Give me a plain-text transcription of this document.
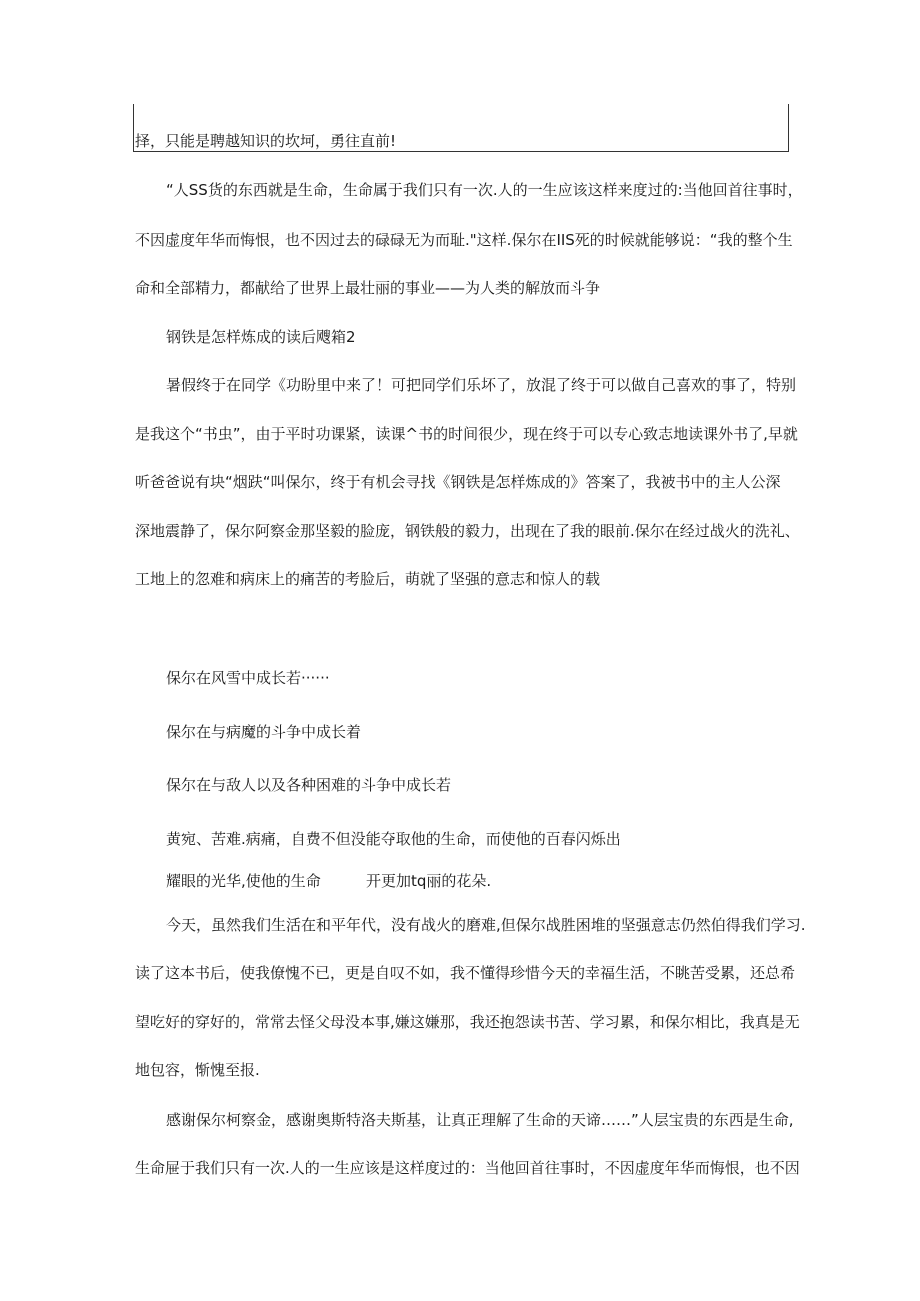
择，只能是聘越知识的坎坷，勇往直前!
“人SS货的东西就是生命，生命属于我们只有一次.人的一生应该这样来度过的:当他回首往事时，
不因虚度年华而悔恨，也不因过去的碌碌无为而耻."这样.保尔在IIS死的时候就能够说：“我的整个生
命和全部精力，都献给了世界上最壮丽的事业——为人类的解放而斗争
钢铁是怎样炼成的读后飕箱2
暑假终于在同学《功盼里中来了！可把同学们乐坏了，放混了终于可以做自己喜欢的事了，特别
是我这个“书虫”，由于平时功课紧，读课^书的时间很少，现在终于可以专心致志地读课外书了,早就
听爸爸说有块“烟趺“叫保尔，终于有机会寻找《钢铁是怎样炼成的》答案了，我被书中的主人公深
深地震静了，保尔阿察金那坚毅的脸庞，钢铁般的毅力，出现在了我的眼前.保尔在经过战火的洗礼、
工地上的忽难和病床上的痛苦的考脸后，萌就了坚强的意志和惊人的载
保尔在风雪中成长若······
保尔在与病魔的斗争中成长着
保尔在与敌人以及各种困难的斗争中成长若
黄宛、苦难.病痛，自费不但没能夺取他的生命，而使他的百春闪烁出
耀眼的光华,使他的生命	开更加tq丽的花朵.
今天，虽然我们生活在和平年代，没有战火的磨难,但保尔战胜困堆的坚强意志仍然伯得我们学习.
读了这本书后，使我僚愧不已，更是自叹不如，我不懂得珍惜今天的幸福生活，不眺苦受累，还总希
望吃好的穿好的，常常去怪父母没本事,嫌这嫌那，我还抱怨读书苦、学习累，和保尔相比，我真是无
地包容，惭愧至报.
感谢保尔柯察金，感谢奥斯特洛夫斯基，让真正理解了生命的天谛……”人层宝贵的东西是生命,
生命屉于我们只有一次.人的一生应该是这样度过的：当他回首往事时，不因虚度年华而悔恨，也不因
